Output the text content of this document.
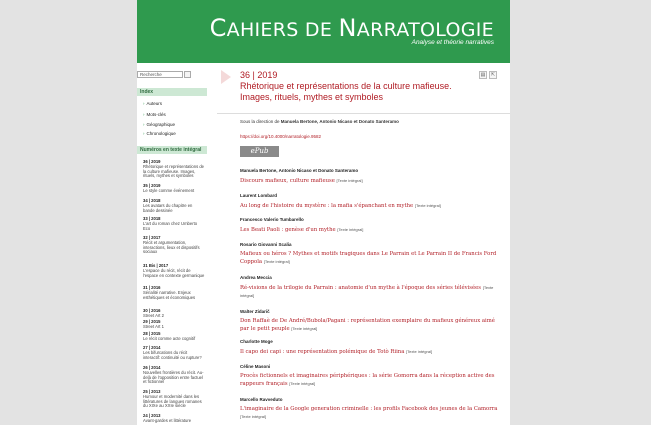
CAHIERS DE NARRATOLOGIE
Analyse et théorie narratives
Recherche
Index
› Auteurs
› Mots-clés
› Géographique
› Chronologique
Numéros en texte intégral
36 | 2019
Rhétorique et représentations de la culture mafieuse. Images, rituels, mythes et symboles
35 | 2019
Le style comme événement
34 | 2018
Les avatars du chapitre en bande dessinée
33 | 2018
L'art du roman chez Umberto Eco
32 | 2017
Récit et argumentation, interactions, lieux et dispositifs sociaux
31 Bis | 2017
L'espace du récit, récit de l'espace en contexte germanique
31 | 2016
Sérialité narrative. Enjeux esthétiques et économiques
30 | 2016
Street Art 2
29 | 2015
Street Art 1
28 | 2015
Le récit comme acte cognitif
27 | 2014
Les bifurcations du récit interactif: continuité ou rupture?
26 | 2014
Nouvelles frontières du récit. Au-delà de l'opposition entre factuel et fictionnel
25 | 2013
Humour et modernité dans les littératures de langues romanes du XIXe au XXIe siècle
24 | 2013
Avant-gardes et littérature
36 | 2019
Rhétorique et représentations de la culture mafieuse. Images, rituels, mythes et symboles
▤	⇱
Sous la direction de Manuela Bertone, Antonio Nicaso et Donato Santeramo
https://doi.org/10.4000/narratologie.9582
ePub
Manuela Bertone, Antonio Nicaso et Donato Santeramo
Discours mafieux, culture mafieuse [Texte intégral]
Laurent Lombard
Au long de l'histoire du mystère : la mafia s'épanchant en mythe [Texte intégral]
Francesco Valerio Tumbarello
Les Beati Paoli : genèse d'un mythe [Texte intégral]
Rosario Giovanni Scalia
Mafieux ou héros ? Mythes et motifs tragiques dans Le Parrain et Le Parrain II de Francis Ford Coppola [Texte intégral]
Andrea Meccia
Ré-visions de la trilogie du Parrain : anatomie d'un mythe à l'époque des séries télévisées [Texte intégral]
Walter Zidarič
Don Raffaè de De André/Bubola/Pagani : représentation exemplaire du mafieux généreux aimé par le petit peuple [Texte intégral]
Charlotte Moge
Il capo dei capi : une représentation polémique de Totò Riina [Texte intégral]
Céline Masoni
Procès fictionnels et imaginaires périphériques : la série Gomorra dans la réception active des rappeurs français [Texte intégral]
Marcello Ravveduto
L'imaginaire de la Google generation criminelle : les profils Facebook des jeunes de la Camorra [Texte intégral]
